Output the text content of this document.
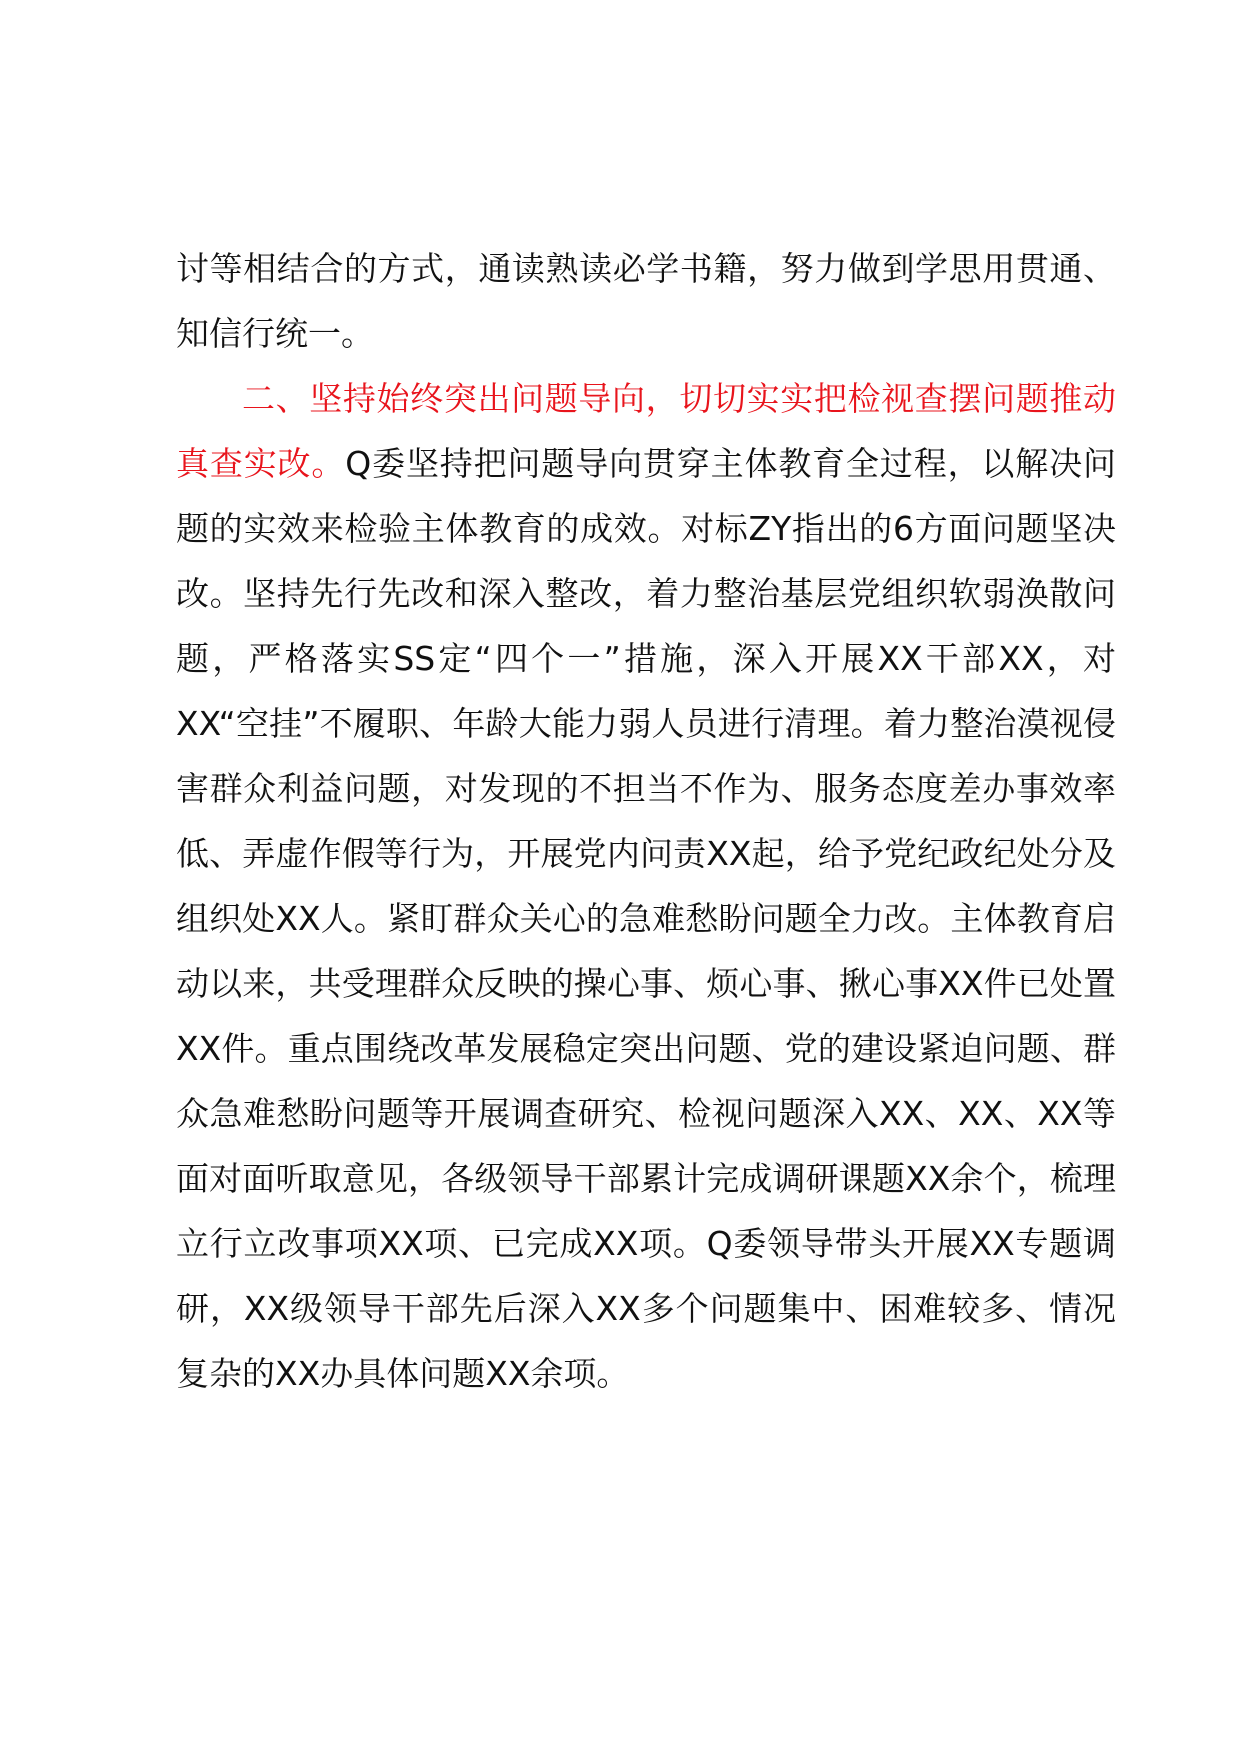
讨等相结合的方式，通读熟读必学书籍，努力做到学思用贯通、知信行统一。

二、坚持始终突出问题导向，切切实实把检视查摆问题推动真查实改。Q委坚持把问题导向贯穿主体教育全过程，以解决问题的实效来检验主体教育的成效。对标ZY指出的6方面问题坚决改。坚持先行先改和深入整改，着力整治基层党组织软弱涣散问题，严格落实SS定“四个一”措施，深入开展XX干部XX，对XX“空挂”不履职、年龄大能力弱人员进行清理。着力整治漠视侵害群众利益问题，对发现的不担当不作为、服务态度差办事效率低、弄虚作假等行为，开展党内问责XX起，给予党纪政纪处分及组织处XX人。紧盯群众关心的急难愁盼问题全力改。主体教育启动以来，共受理群众反映的操心事、烦心事、揪心事XX件已处置XX件。重点围绕改革发展稳定突出问题、党的建设紧迫问题、群众急难愁盼问题等开展调查研究、检视问题深入XX、XX、XX等面对面听取意见，各级领导干部累计完成调研课题XX余个，梳理立行立改事项XX项、已完成XX项。Q委领导带头开展XX专题调研，XX级领导干部先后深入XX多个问题集中、困难较多、情况复杂的XX办具体问题XX余项。
